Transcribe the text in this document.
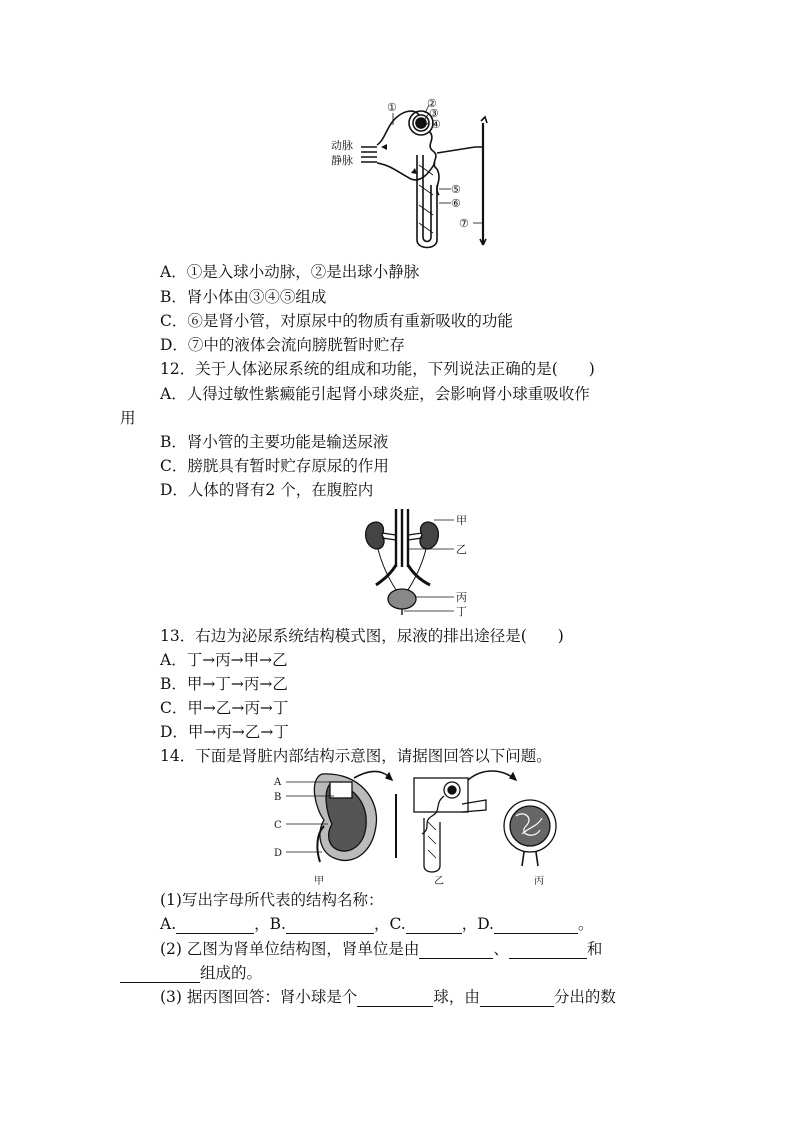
动脉
静脉
①	②
③
④
⑤
⑥
⑦
A．①是入球小动脉，②是出球小静脉
B．肾小体由③④⑤组成
C．⑥是肾小管，对原尿中的物质有重新吸收的功能
D．⑦中的液体会流向膀胱暂时贮存
12．关于人体泌尿系统的组成和功能，下列说法正确的是(　　)
A．人得过敏性紫癜能引起肾小球炎症，会影响肾小球重吸收作
用
B．肾小管的主要功能是输送尿液
C．膀胱具有暂时贮存原尿的作用
D．人体的肾有2 个，在腹腔内
甲
乙
丙
丁
13．右边为泌尿系统结构模式图，尿液的排出途径是(　　)
A．丁→丙→甲→乙
B．甲→丁→丙→乙
C．甲→乙→丙→丁
D．甲→丙→乙→丁
14．下面是肾脏内部结构示意图，请据图回答以下问题。
A
B
C
D
甲	乙	丙
(1)写出字母所代表的结构名称：
A.	，B.	，C.	，D.	。
(2) 乙图为肾单位结构图，肾单位是由	、	和
组成的。
(3) 据丙图回答：肾小球是个	球，由	分出的数
